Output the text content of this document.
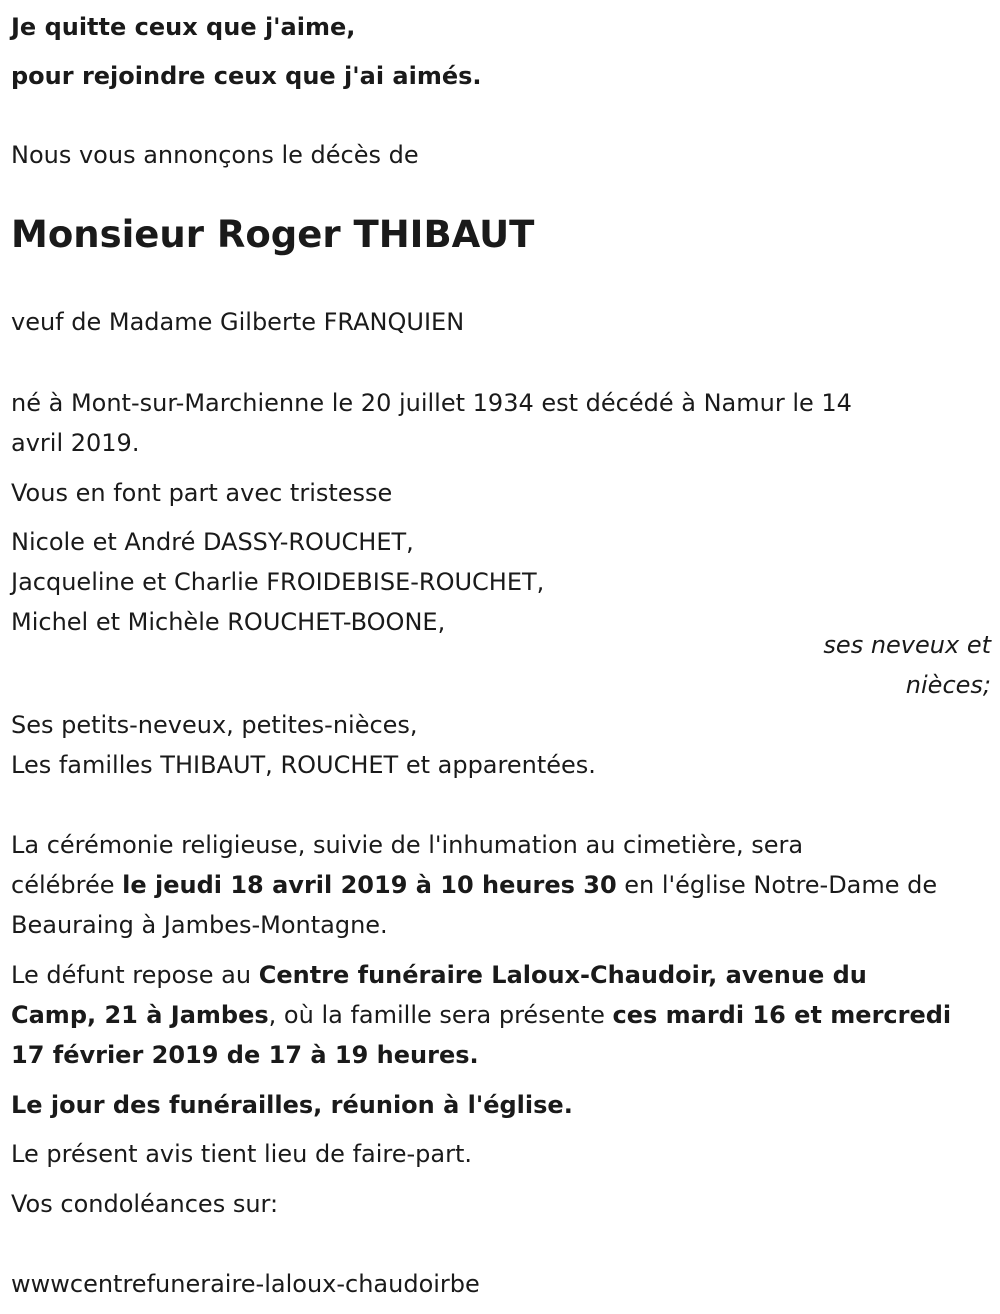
Je quitte ceux que j'aime,
pour rejoindre ceux que j'ai aimés.
Nous vous annonçons le décès de
Monsieur Roger THIBAUT
veuf de Madame Gilberte FRANQUIEN
né à Mont-sur-Marchienne le 20 juillet 1934 est décédé à Namur le 14
avril 2019.
Vous en font part avec tristesse
Nicole et André DASSY-ROUCHET,
Jacqueline et Charlie FROIDEBISE-ROUCHET,
Michel et Michèle ROUCHET-BOONE,
ses neveux et
nièces;
Ses petits-neveux, petites-nièces,
Les familles THIBAUT, ROUCHET et apparentées.
La cérémonie religieuse, suivie de l'inhumation au cimetière, sera
célébrée le jeudi 18 avril 2019 à 10 heures 30 en l'église Notre-Dame de
Beauraing à Jambes-Montagne.
Le défunt repose au Centre funéraire Laloux-Chaudoir, avenue du
Camp, 21 à Jambes, où la famille sera présente ces mardi 16 et mercredi
17 février 2019 de 17 à 19 heures.
Le jour des funérailles, réunion à l'église.
Le présent avis tient lieu de faire-part.
Vos condoléances sur:
wwwcentrefuneraire-laloux-chaudoirbe
